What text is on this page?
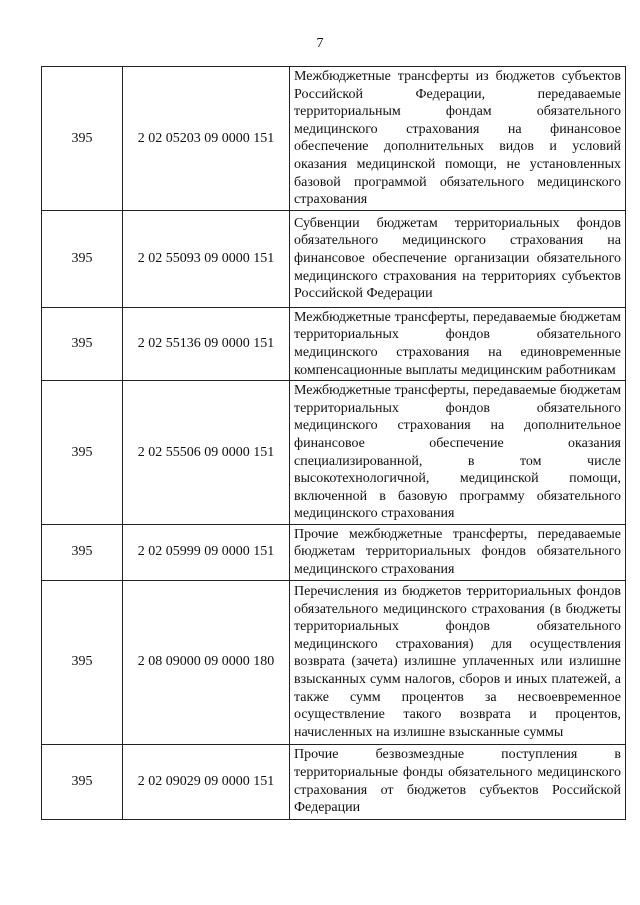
7
395	2 02 05203 09 0000 151	Межбюджетные трансферты из бюджетов субъектов Российской Федерации, передаваемые территориальным фондам обязательного медицинского страхования на финансовое обеспечение дополнительных видов и условий оказания медицинской помощи, не установленных базовой программой обязательного медицинского страхования
395	2 02 55093 09 0000 151	Субвенции бюджетам территориальных фондов обязательного медицинского страхования на финансовое обеспечение организации обязательного медицинского страхования на территориях субъектов Российской Федерации
395	2 02 55136 09 0000 151	Межбюджетные трансферты, передаваемые бюджетам территориальных фондов обязательного медицинского страхования на единовременные компенсационные выплаты медицинским работникам
395	2 02 55506 09 0000 151	Межбюджетные трансферты, передаваемые бюджетам территориальных фондов обязательного медицинского страхования на дополнительное финансовое обеспечение оказания специализированной, в том числе высокотехнологичной, медицинской помощи, включенной в базовую программу обязательного медицинского страхования
395	2 02 05999 09 0000 151	Прочие межбюджетные трансферты, передаваемые бюджетам территориальных фондов обязательного медицинского страхования
395	2 08 09000 09 0000 180	Перечисления из бюджетов территориальных фондов обязательного медицинского страхования (в бюджеты территориальных фондов обязательного медицинского страхования) для осуществления возврата (зачета) излишне уплаченных или излишне взысканных сумм налогов, сборов и иных платежей, а также сумм процентов за несвоевременное осуществление такого возврата и процентов, начисленных на излишне взысканные суммы
395	2 02 09029 09 0000 151	Прочие безвозмездные поступления в территориальные фонды обязательного медицинского страхования от бюджетов субъектов Российской Федерации
